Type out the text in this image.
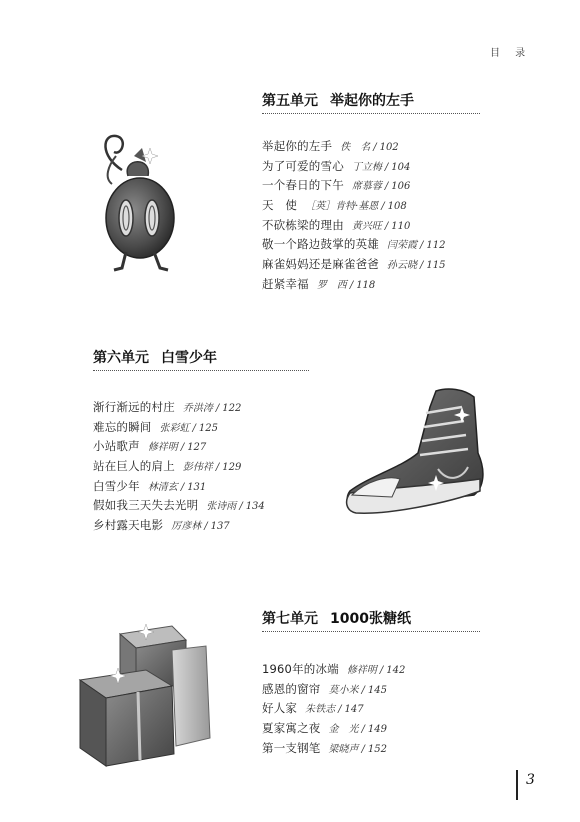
目 录
第五单元 举起你的左手
举起你的左手 佚　名 / 102
为了可爱的雪心 丁立梅 / 104
一个春日的下午 席慕蓉 / 106
天　使 ［英］肯特·基恩 / 108
不砍栋梁的理由 黄兴旺 / 110
敬一个路边鼓掌的英雄 闫荣霞 / 112
麻雀妈妈还是麻雀爸爸 孙云晓 / 115
赶紧幸福 罗　西 / 118
第六单元 白雪少年
渐行渐远的村庄 乔洪涛 / 122
难忘的瞬间 张彩虹 / 125
小站歌声 修祥明 / 127
站在巨人的肩上 彭伟祥 / 129
白雪少年 林清玄 / 131
假如我三天失去光明 张诗雨 / 134
乡村露天电影 厉彦林 / 137
第七单元 1000张糖纸
1960年的冰端 修祥明 / 142
感恩的窗帘 莫小米 / 145
好人家 朱铁志 / 147
夏家寓之夜 金　光 / 149
第一支钢笔 梁晓声 / 152
3
